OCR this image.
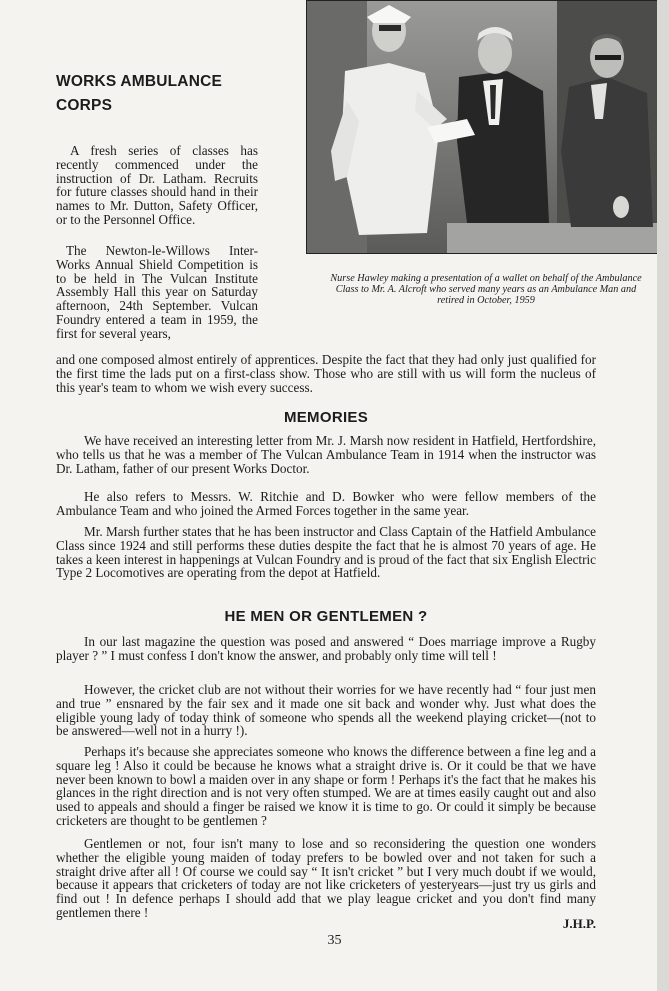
Nurse Hawley making a presentation of a wallet on behalf of the Ambulance Class to Mr. A. Alcroft who served many years as an Ambulance Man and retired in October, 1959

WORKS AMBULANCE CORPS

A fresh series of classes has recently commenced under the instruction of Dr. Latham. Recruits for future classes should hand in their names to Mr. Dutton, Safety Officer, or to the Personnel Office.

The Newton-le-Willows Inter-Works Annual Shield Competition is to be held in The Vulcan Institute Assembly Hall this year on Saturday afternoon, 24th September. Vulcan Foundry entered a team in 1959, the first for several years,

and one composed almost entirely of apprentices. Despite the fact that they had only just qualified for the first time the lads put on a first-class show. Those who are still with us will form the nucleus of this year's team to whom we wish every success.

MEMORIES

We have received an interesting letter from Mr. J. Marsh now resident in Hatfield, Hertfordshire, who tells us that he was a member of The Vulcan Ambulance Team in 1914 when the instructor was Dr. Latham, father of our present Works Doctor.

He also refers to Messrs. W. Ritchie and D. Bowker who were fellow members of the Ambulance Team and who joined the Armed Forces together in the same year.

Mr. Marsh further states that he has been instructor and Class Captain of the Hatfield Ambulance Class since 1924 and still performs these duties despite the fact that he is almost 70 years of age. He takes a keen interest in happenings at Vulcan Foundry and is proud of the fact that six English Electric Type 2 Locomotives are operating from the depot at Hatfield.

HE MEN OR GENTLEMEN ?

In our last magazine the question was posed and answered “ Does marriage improve a Rugby player ? ” I must confess I don't know the answer, and probably only time will tell !

However, the cricket club are not without their worries for we have recently had “ four just men and true ” ensnared by the fair sex and it made one sit back and wonder why. Just what does the eligible young lady of today think of someone who spends all the weekend playing cricket—(not to be answered—well not in a hurry !).

Perhaps it's because she appreciates someone who knows the difference between a fine leg and a square leg ! Also it could be because he knows what a straight drive is. Or it could be that we have never been known to bowl a maiden over in any shape or form ! Perhaps it's the fact that he makes his glances in the right direction and is not very often stumped. We are at times easily caught out and also used to appeals and should a finger be raised we know it is time to go. Or could it simply be because cricketers are thought to be gentlemen ?

Gentlemen or not, four isn't many to lose and so reconsidering the question one wonders whether the eligible young maiden of today prefers to be bowled over and not taken for such a straight drive after all ! Of course we could say “ It isn't cricket ” but I very much doubt if we would, because it appears that cricketers of today are not like cricketers of yesteryears—just try us girls and find out ! In defence perhaps I should add that we play league cricket and you don't find many gentlemen there !

J.H.P.

35
